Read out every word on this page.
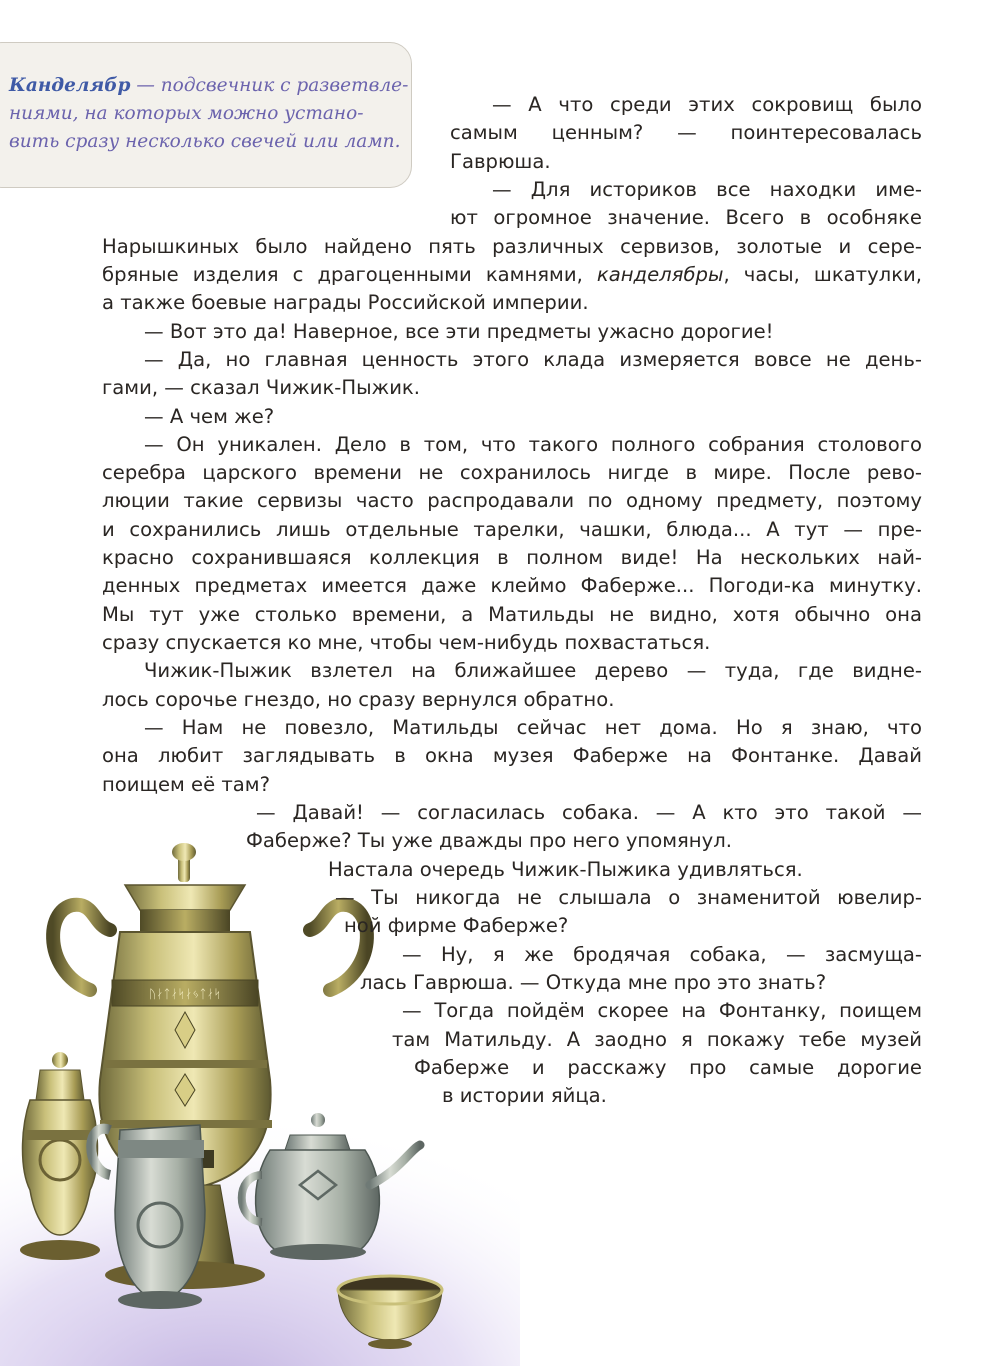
Канделябр — подсвечник с разветвле-
ниями, на которых можно устано-
вить сразу несколько свечей или ламп.
ᚢᛅᛏᛅᛋᛅᛃᛏᛅᛋ
— А что среди этих сокровищ было
самым ценным? — поинтересовалась
Гаврюша.
— Для историков все находки име-
ют огромное значение. Всего в особняке
Нарышкиных было найдено пять различных сервизов, золотые и сере-
бряные изделия с драгоценными камнями, канделябры, часы, шкатулки,
а также боевые награды Российской империи.
— Вот это да! Наверное, все эти предметы ужасно дорогие!
— Да, но главная ценность этого клада измеряется вовсе не день-
гами, — сказал Чижик-Пыжик.
— А чем же?
— Он уникален. Дело в том, что такого полного собрания столового
серебра царского времени не сохранилось нигде в мире. После рево-
люции такие сервизы часто распродавали по одному предмету, поэтому
и сохранились лишь отдельные тарелки, чашки, блюда... А тут — пре-
красно сохранившаяся коллекция в полном виде! На нескольких най-
денных предметах имеется даже клеймо Фаберже... Погоди-ка минутку.
Мы тут уже столько времени, а Матильды не видно, хотя обычно она
сразу спускается ко мне, чтобы чем-нибудь похвастаться.
Чижик-Пыжик взлетел на ближайшее дерево — туда, где видне-
лось сорочье гнездо, но сразу вернулся обратно.
— Нам не повезло, Матильды сейчас нет дома. Но я знаю, что
она любит заглядывать в окна музея Фаберже на Фонтанке. Давай
поищем её там?
— Давай! — согласилась собака. — А кто это такой —
Фаберже? Ты уже дважды про него упомянул.
Настала очередь Чижик-Пыжика удивляться.
— Ты никогда не слышала о знаменитой ювелир-
ной фирме Фаберже?
— Ну, я же бродячая собака, — засмуща-
лась Гаврюша. — Откуда мне про это знать?
— Тогда пойдём скорее на Фонтанку, поищем
там Матильду. А заодно я покажу тебе музей
Фаберже и расскажу про самые дорогие
в истории яйца.
